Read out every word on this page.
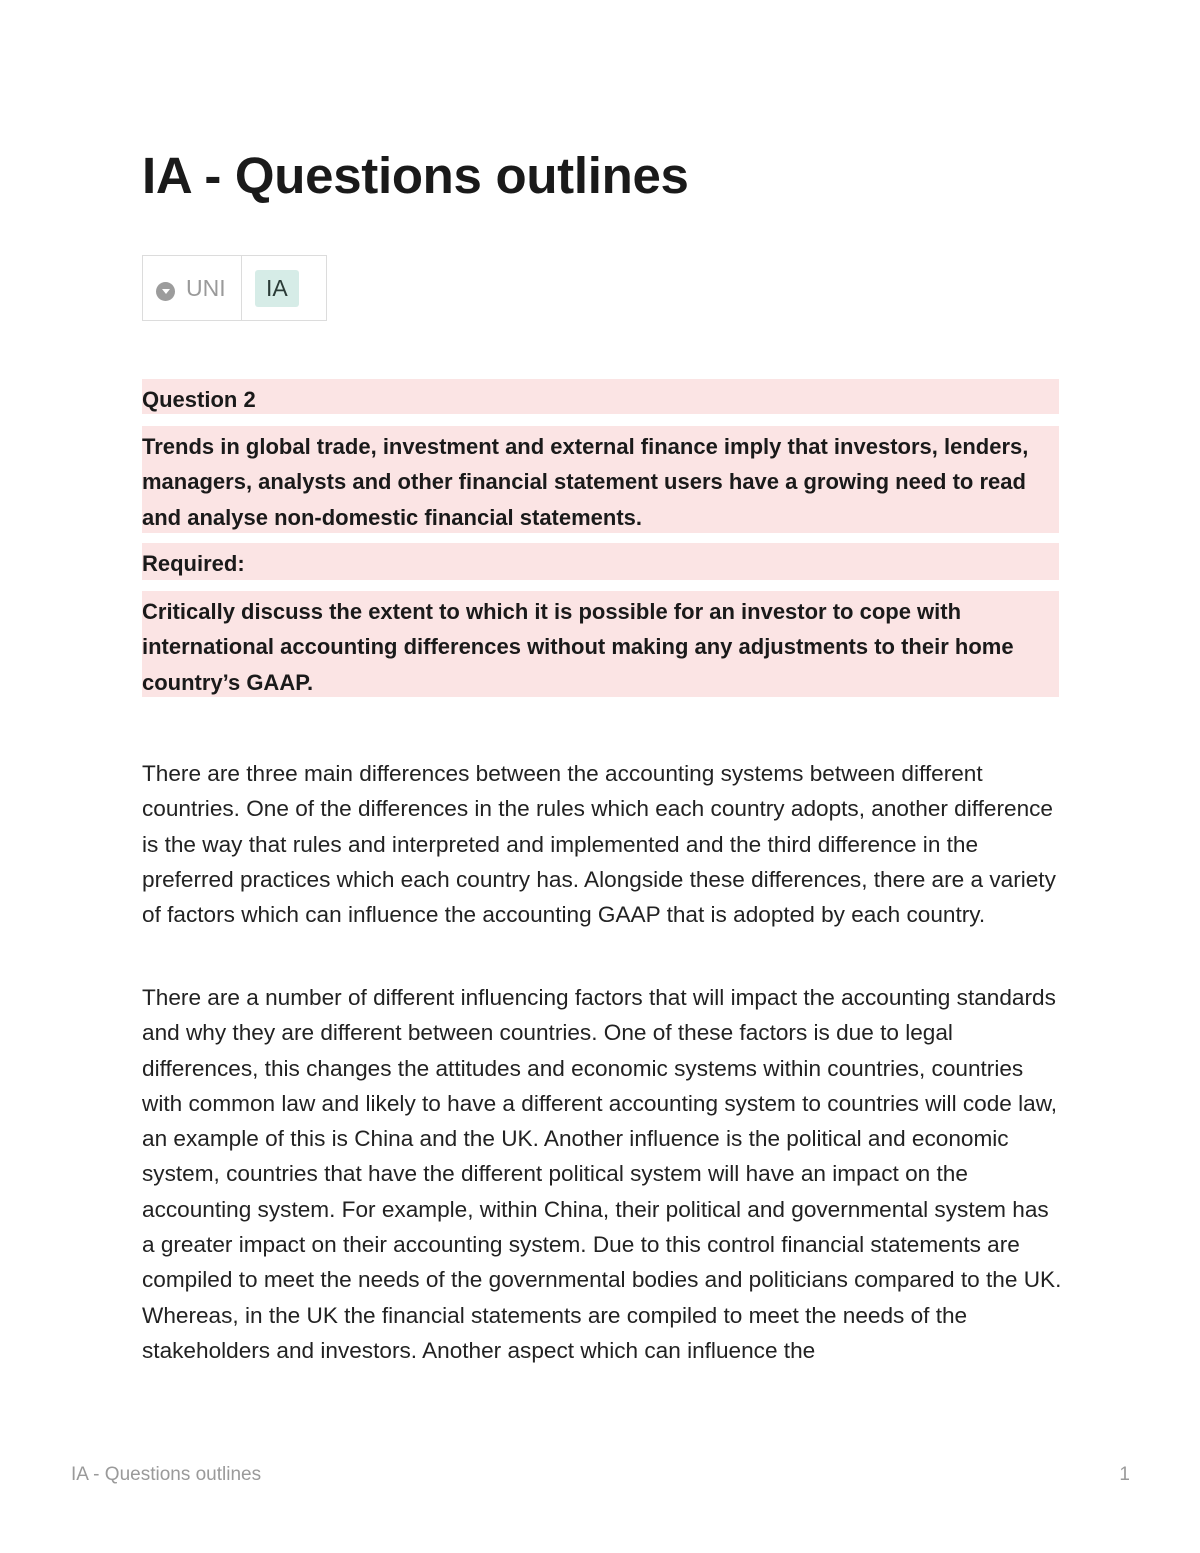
IA - Questions outlines
UNI	IA

Question 2

Trends in global trade, investment and external finance imply that investors, lenders, managers, analysts and other financial statement users have a growing need to read and analyse non-domestic financial statements.

Required:

Critically discuss the extent to which it is possible for an investor to cope with international accounting differences without making any adjustments to their home country’s GAAP.

There are three main differences between the accounting systems between different countries. One of the differences in the rules which each country adopts, another difference is the way that rules and interpreted and implemented and the third difference in the preferred practices which each country has. Alongside these differences, there are a variety of factors which can influence the accounting GAAP that is adopted by each country.

There are a number of different influencing factors that will impact the accounting standards and why they are different between countries. One of these factors is due to legal differences, this changes the attitudes and economic systems within countries, countries with common law and likely to have a different accounting system to countries will code law, an example of this is China and the UK. Another influence is the political and economic system, countries that have the different political system will have an impact on the accounting system. For example, within China, their political and governmental system has a greater impact on their accounting system. Due to this control financial statements are compiled to meet the needs of the governmental bodies and politicians compared to the UK. Whereas, in the UK the financial statements are compiled to meet the needs of the stakeholders and investors. Another aspect which can influence the

IA - Questions outlines	1
